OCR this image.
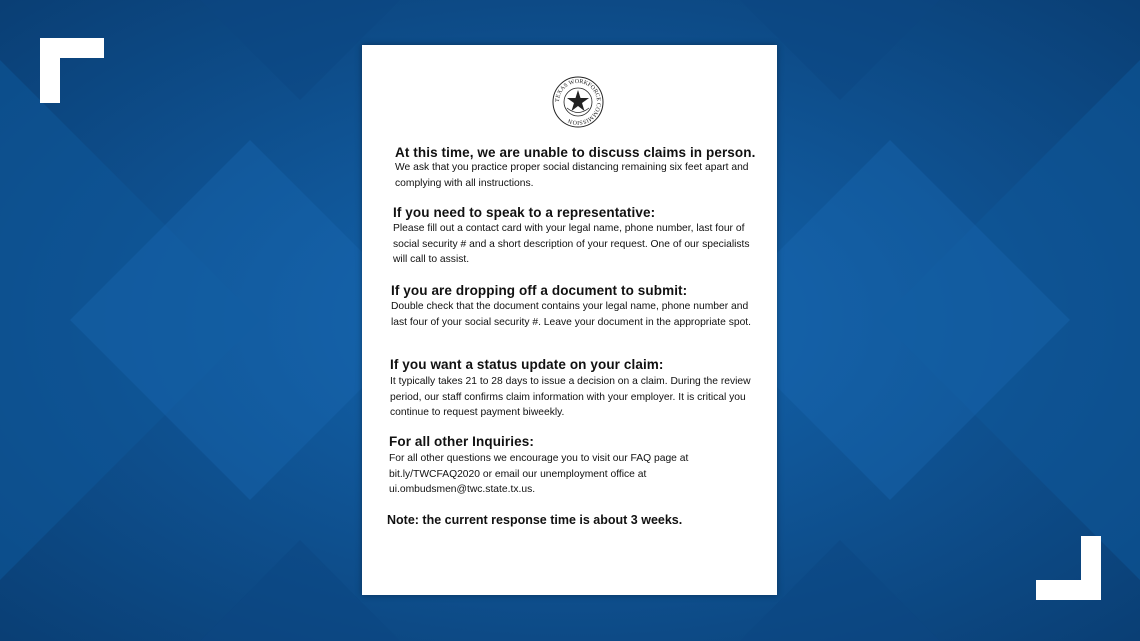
TEXAS WORKFORCE COMMISSION
At this time, we are unable to discuss claims in person.
We ask that you practice proper social distancing remaining six feet apart and complying with all instructions.
If you need to speak to a representative:
Please fill out a contact card with your legal name, phone number, last four of social security # and a short description of your request. One of our specialists will call to assist.
If you are dropping off a document to submit:
Double check that the document contains your legal name, phone number and last four of your social security #. Leave your document in the appropriate spot.
If you want a status update on your claim:
It typically takes 21 to 28 days to issue a decision on a claim. During the review period, our staff confirms claim information with your employer. It is critical you continue to request payment biweekly.
For all other Inquiries:
For all other questions we encourage you to visit our FAQ page at bit.ly/TWCFAQ2020 or email our unemployment office at ui.ombudsmen@twc.state.tx.us.
Note: the current response time is about 3 weeks.
